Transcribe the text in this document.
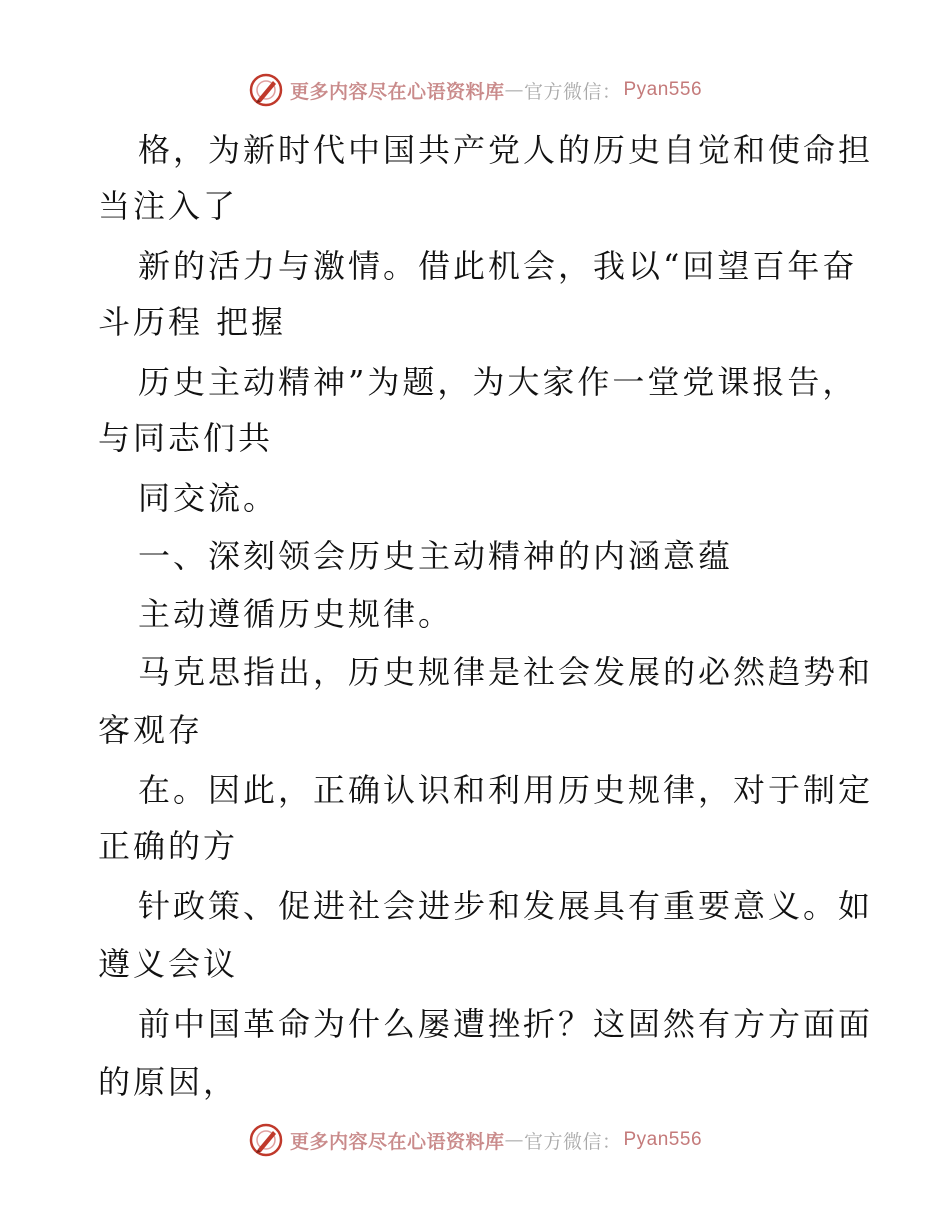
更多内容尽在心语资料库 — 官方微信： Pyan556
格，为新时代中国共产党人的历史自觉和使命担
当注入了
新的活力与激情。借此机会，我以“回望百年奋
斗历程 把握
历史主动精神”为题，为大家作一堂党课报告，
与同志们共
同交流。
一、深刻领会历史主动精神的内涵意蕴
主动遵循历史规律。
马克思指出，历史规律是社会发展的必然趋势和
客观存
在。因此，正确认识和利用历史规律，对于制定
正确的方
针政策、促进社会进步和发展具有重要意义。如
遵义会议
前中国革命为什么屡遭挫折？这固然有方方面面
的原因，
更多内容尽在心语资料库 — 官方微信： Pyan556
